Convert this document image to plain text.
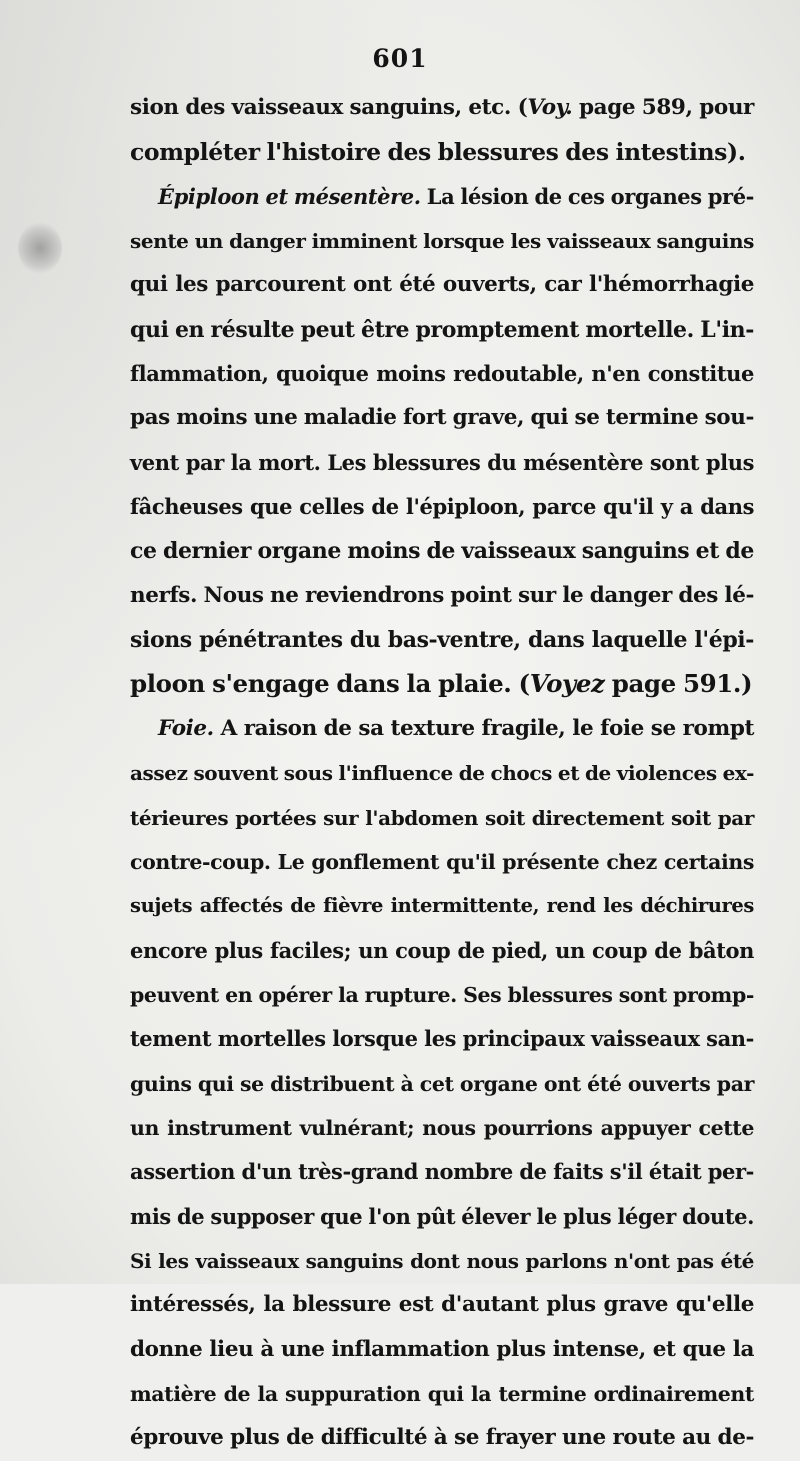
601
sion des vaisseaux sanguins, etc. (Voy. page 589, pour
compléter l'histoire des blessures des intestins).
Épiploon et mésentère. La lésion de ces organes pré-
sente un danger imminent lorsque les vaisseaux sanguins
qui les parcourent ont été ouverts, car l'hémorrhagie
qui en résulte peut être promptement mortelle. L'in-
flammation, quoique moins redoutable, n'en constitue
pas moins une maladie fort grave, qui se termine sou-
vent par la mort. Les blessures du mésentère sont plus
fâcheuses que celles de l'épiploon, parce qu'il y a dans
ce dernier organe moins de vaisseaux sanguins et de
nerfs. Nous ne reviendrons point sur le danger des lé-
sions pénétrantes du bas-ventre, dans laquelle l'épi-
ploon s'engage dans la plaie. (Voyez page 591.)
Foie. A raison de sa texture fragile, le foie se rompt
assez souvent sous l'influence de chocs et de violences ex-
térieures portées sur l'abdomen soit directement soit par
contre-coup. Le gonflement qu'il présente chez certains
sujets affectés de fièvre intermittente, rend les déchirures
encore plus faciles; un coup de pied, un coup de bâton
peuvent en opérer la rupture. Ses blessures sont promp-
tement mortelles lorsque les principaux vaisseaux san-
guins qui se distribuent à cet organe ont été ouverts par
un instrument vulnérant; nous pourrions appuyer cette
assertion d'un très-grand nombre de faits s'il était per-
mis de supposer que l'on pût élever le plus léger doute.
Si les vaisseaux sanguins dont nous parlons n'ont pas été
intéressés, la blessure est d'autant plus grave qu'elle
donne lieu à une inflammation plus intense, et que la
matière de la suppuration qui la termine ordinairement
éprouve plus de difficulté à se frayer une route au de-
